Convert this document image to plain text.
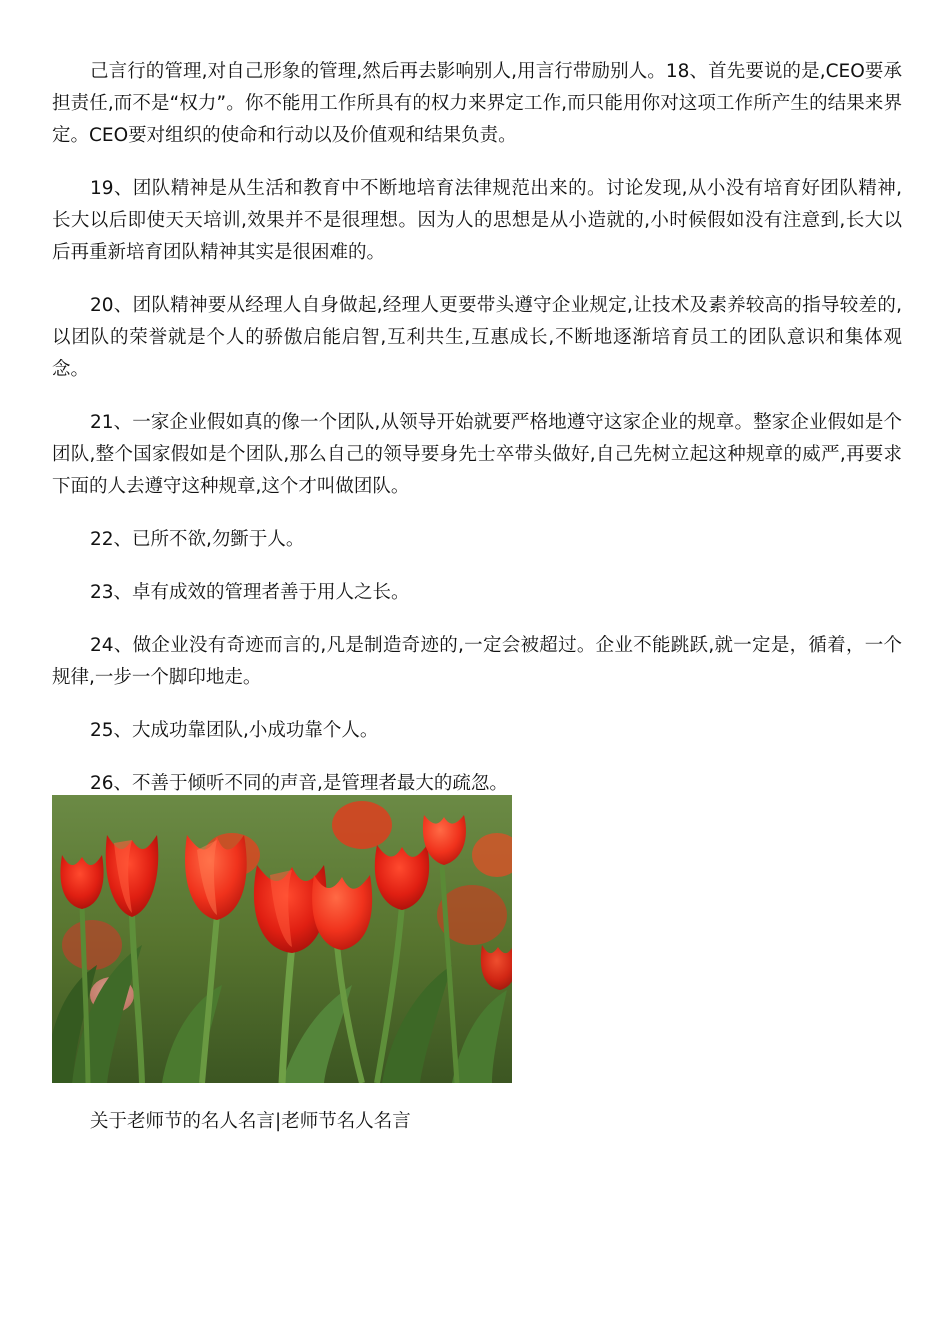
己言行的管理,对自己形象的管理,然后再去影响别人,用言行带励别人。18、首先要说的是,CEO要承担责任,而不是“权力”。你不能用工作所具有的权力来界定工作,而只能用你对这项工作所产生的结果来界定。CEO要对组织的使命和行动以及价值观和结果负责。

19、团队精神是从生活和教育中不断地培育法律规范出来的。讨论发现,从小没有培育好团队精神,长大以后即使天天培训,效果并不是很理想。因为人的思想是从小造就的,小时候假如没有注意到,长大以后再重新培育团队精神其实是很困难的。

20、团队精神要从经理人自身做起,经理人更要带头遵守企业规定,让技术及素养较高的指导较差的,以团队的荣誉就是个人的骄傲启能启智,互利共生,互惠成长,不断地逐渐培育员工的团队意识和集体观念。

21、一家企业假如真的像一个团队,从领导开始就要严格地遵守这家企业的规章。整家企业假如是个团队,整个国家假如是个团队,那么自己的领导要身先士卒带头做好,自己先树立起这种规章的威严,再要求下面的人去遵守这种规章,这个才叫做团队。

22、已所不欲,勿斵于人。

23、卓有成效的管理者善于用人之长。

24、做企业没有奇迹而言的,凡是制造奇迹的,一定会被超过。企业不能跳跃,就一定是，循着，一个规律,一步一个脚印地走。

25、大成功靠团队,小成功靠个人。

26、不善于倾听不同的声音,是管理者最大的疏忽。

关于老师节的名人名言|老师节名人名言
